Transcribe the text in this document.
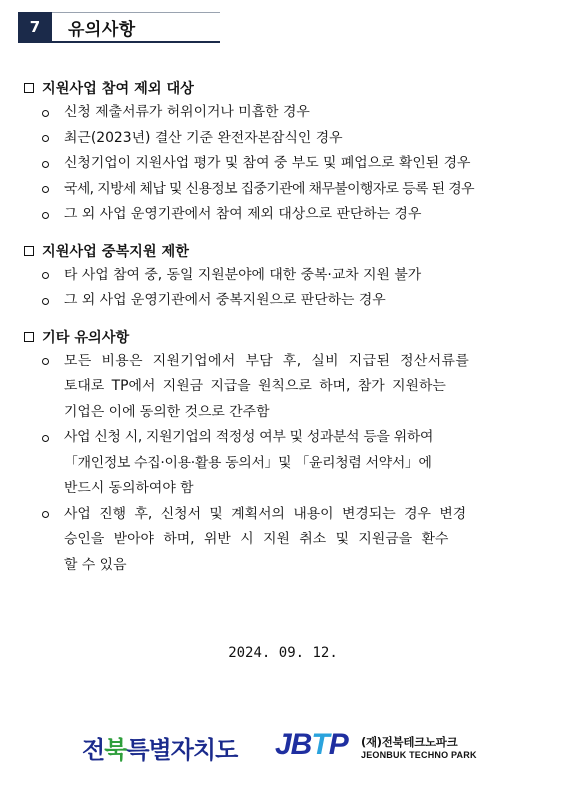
7	유의사항
지원사업 참여 제외 대상
신청 제출서류가 허위이거나 미흡한 경우
최근(2023년) 결산 기준 완전자본잠식인 경우
신청기업이 지원사업 평가 및 참여 중 부도 및 폐업으로 확인된 경우
국세, 지방세 체납 및 신용정보 집중기관에 채무불이행자로 등록 된 경우
그 외 사업 운영기관에서 참여 제외 대상으로 판단하는 경우
지원사업 중복지원 제한
타 사업 참여 중, 동일 지원분야에 대한 중복·교차 지원 불가
그 외 사업 운영기관에서 중복지원으로 판단하는 경우
기타 유의사항
모든 비용은 지원기업에서 부담 후, 실비 지급된 정산서류를
토대로 TP에서 지원금 지급을 원칙으로 하며, 참가 지원하는
기업은 이에 동의한 것으로 간주함
사업 신청 시, 지원기업의 적정성 여부 및 성과분석 등을 위하여
「개인정보 수집·이용·활용 동의서」및 「윤리청렴 서약서」에
반드시 동의하여야 함
사업 진행 후, 신청서 및 계획서의 내용이 변경되는 경우 변경
승인을 받아야 하며, 위반 시 지원 취소 및 지원금을 환수
할 수 있음
2024. 09. 12.
전북특별자치도 JBTP (재)전북테크노파크
JEONBUK TECHNO PARK
